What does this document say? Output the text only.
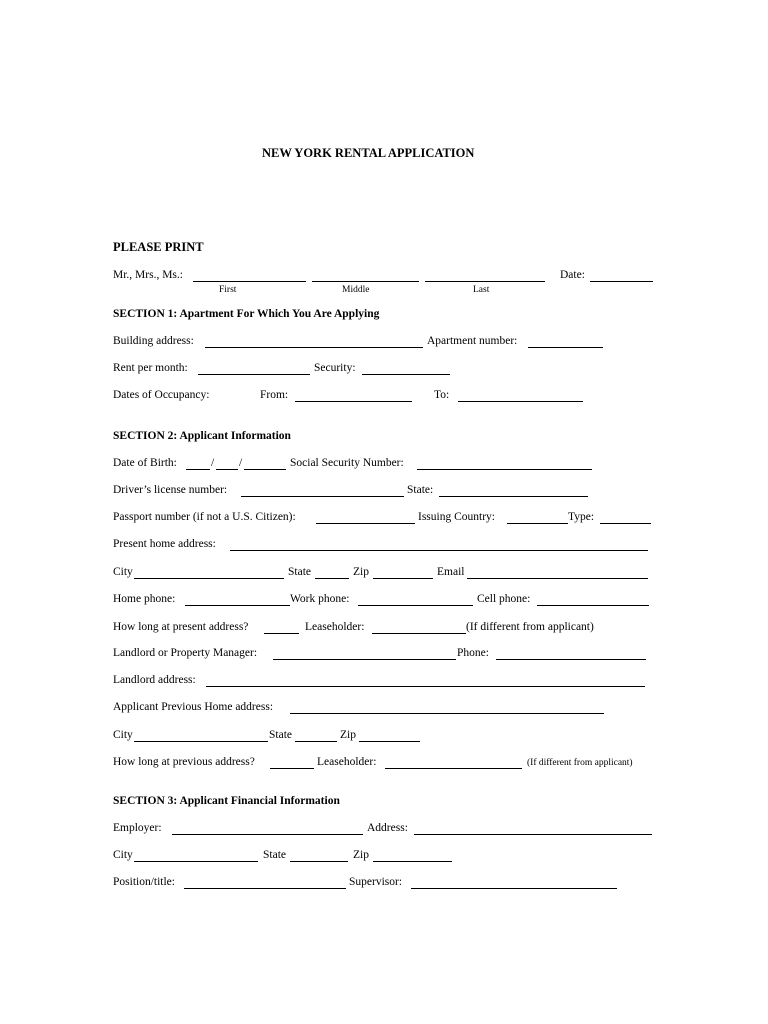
NEW YORK RENTAL APPLICATION
PLEASE PRINT
Mr., Mrs., Ms.:	Date:
First	Middle	Last
SECTION 1: Apartment For Which You Are Applying
Building address:	Apartment number:
Rent per month:	Security:
Dates of Occupancy:	From:	To:
SECTION 2: Applicant Information
Date of Birth:	/ /	Social Security Number:
Driver’s license number:	State:
Passport number (if not a U.S. Citizen):	Issuing Country:	Type:
Present home address:
City	State	Zip	Email
Home phone:	Work phone:	Cell phone:
How long at present address?	Leaseholder:	(If different from applicant)
Landlord or Property Manager:	Phone:
Landlord address:
Applicant Previous Home address:
City	State	Zip
How long at previous address?	Leaseholder:	(If different from applicant)
SECTION 3: Applicant Financial Information
Employer:	Address:
City	State	Zip
Position/title:	Supervisor:
